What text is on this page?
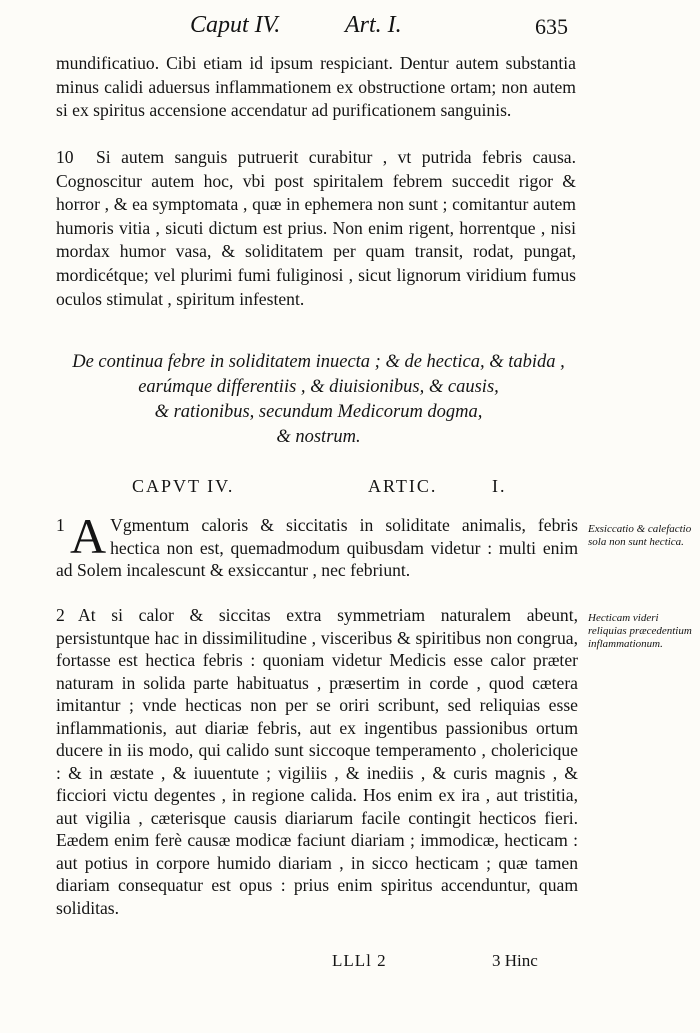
Caput IV.	Art. I.	635
mundificatiuo. Cibi etiam id ipsum respiciant. Dentur autem substantia minus calidi aduersus inflammationem ex obstructione ortam; non autem si ex spiritus accensione accendatur ad purificationem sanguinis.
10 Si autem sanguis putruerit curabitur , vt putrida febris causa. Cognoscitur autem hoc, vbi post spiritalem febrem succedit rigor & horror , & ea symptomata , quæ in ephemera non sunt ; comitantur autem humoris vitia , sicuti dictum est prius. Non enim rigent, horrentque , nisi mordax humor vasa, & soliditatem per quam transit, rodat, pungat, mordicétque; vel plurimi fumi fuliginosi , sicut lignorum viridium fumus oculos stimulat , spiritum infestent.
De continua febre in soliditatem inuecta ; & de hectica, & tabida , earúmque differentiis , & diuisionibus, & causis,
& rationibus, secundum Medicorum dogma,
& nostrum.
CAPVT IV.	ARTIC.	I.
1 A Vgmentum caloris & siccitatis in soliditate animalis, febris hectica non est, quemadmodum quibusdam videtur : multi enim ad Solem incalescunt & exsiccantur , nec febriunt.
2 At si calor & siccitas extra symmetriam naturalem abeunt, persistuntque hac in dissimilitudine , visceribus & spiritibus non congrua, fortasse est hectica febris : quoniam videtur Medicis esse calor præter naturam in solida parte habituatus , præsertim in corde , quod cætera imitantur ; vnde hecticas non per se oriri scribunt, sed reliquias esse inflammationis, aut diariæ febris, aut ex ingentibus passionibus ortum ducere in iis modo, qui calido sunt siccoque temperamento , cholericique : & in æstate , & iuuentute ; vigiliis , & inediis , & curis magnis , & ficciori victu degentes , in regione calida. Hos enim ex ira , aut tristitia, aut vigilia , cæterisque causis diariarum facile contingit hecticos fieri. Eædem enim ferè causæ modicæ faciunt diariam ; immodicæ, hecticam : aut potius in corpore humido diariam , in sicco hecticam ; quæ tamen diariam consequatur est opus : prius enim spiritus accenduntur, quam soliditas.
Exsiccatio & calefactio sola non sunt hectica.
Hecticam videri reliquias præcedentium inflammationum.
LLLl 2	3 Hinc
